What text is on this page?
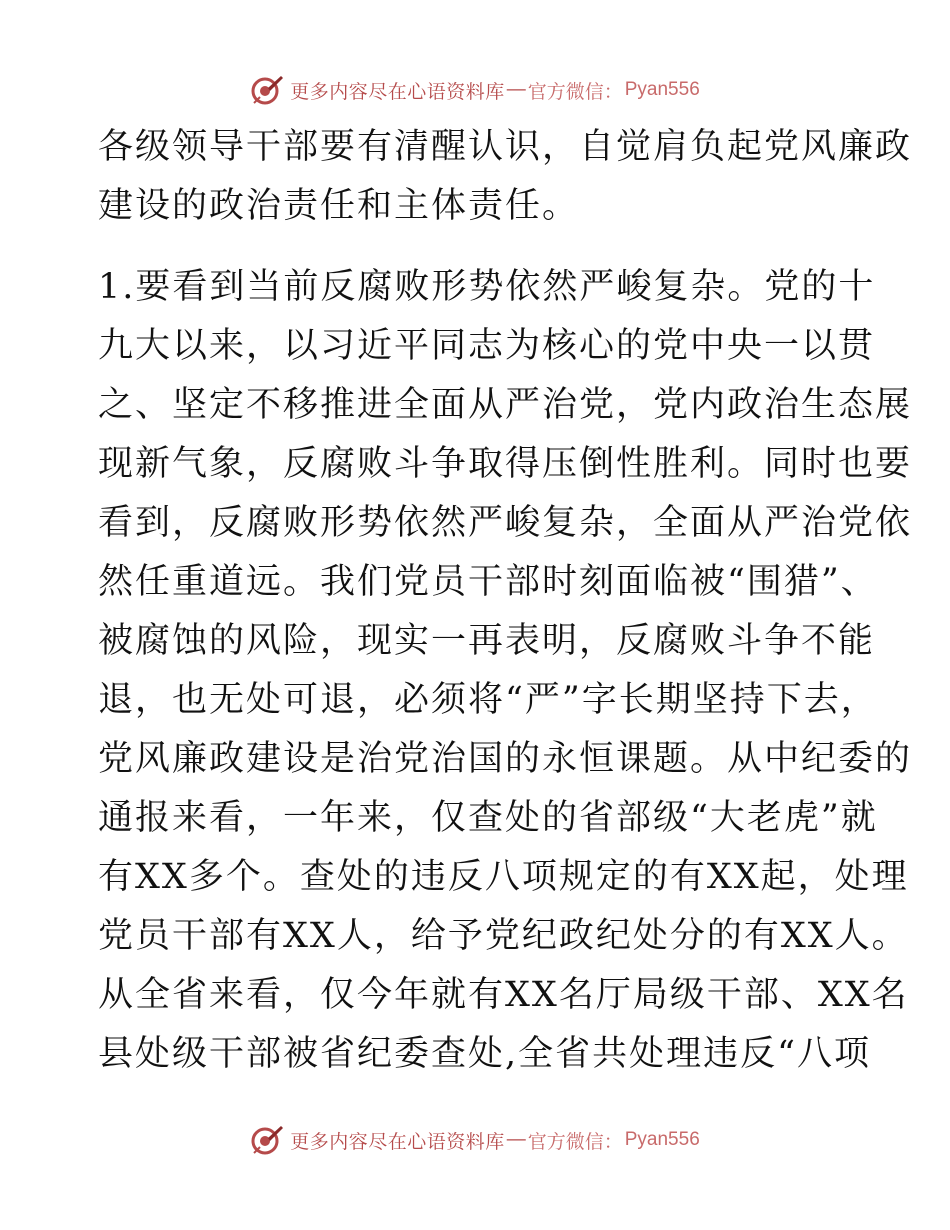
更多内容尽在心语资料库 — 官方微信： Pyan556
各级领导干部要有清醒认识，自觉肩负起党风廉政
建设的政治责任和主体责任。
1.要看到当前反腐败形势依然严峻复杂。党的十
九大以来，以习近平同志为核心的党中央一以贯
之、坚定不移推进全面从严治党，党内政治生态展
现新气象，反腐败斗争取得压倒性胜利。同时也要
看到，反腐败形势依然严峻复杂，全面从严治党依
然任重道远。我们党员干部时刻面临被“围猎”、
被腐蚀的风险，现实一再表明，反腐败斗争不能
退，也无处可退，必须将“严”字长期坚持下去，
党风廉政建设是治党治国的永恒课题。从中纪委的
通报来看，一年来，仅查处的省部级“大老虎”就
有XX多个。查处的违反八项规定的有XX起，处理
党员干部有XX人，给予党纪政纪处分的有XX人。
从全省来看，仅今年就有XX名厅局级干部、XX名
县处级干部被省纪委查处,全省共处理违反“八项
更多内容尽在心语资料库 — 官方微信： Pyan556
